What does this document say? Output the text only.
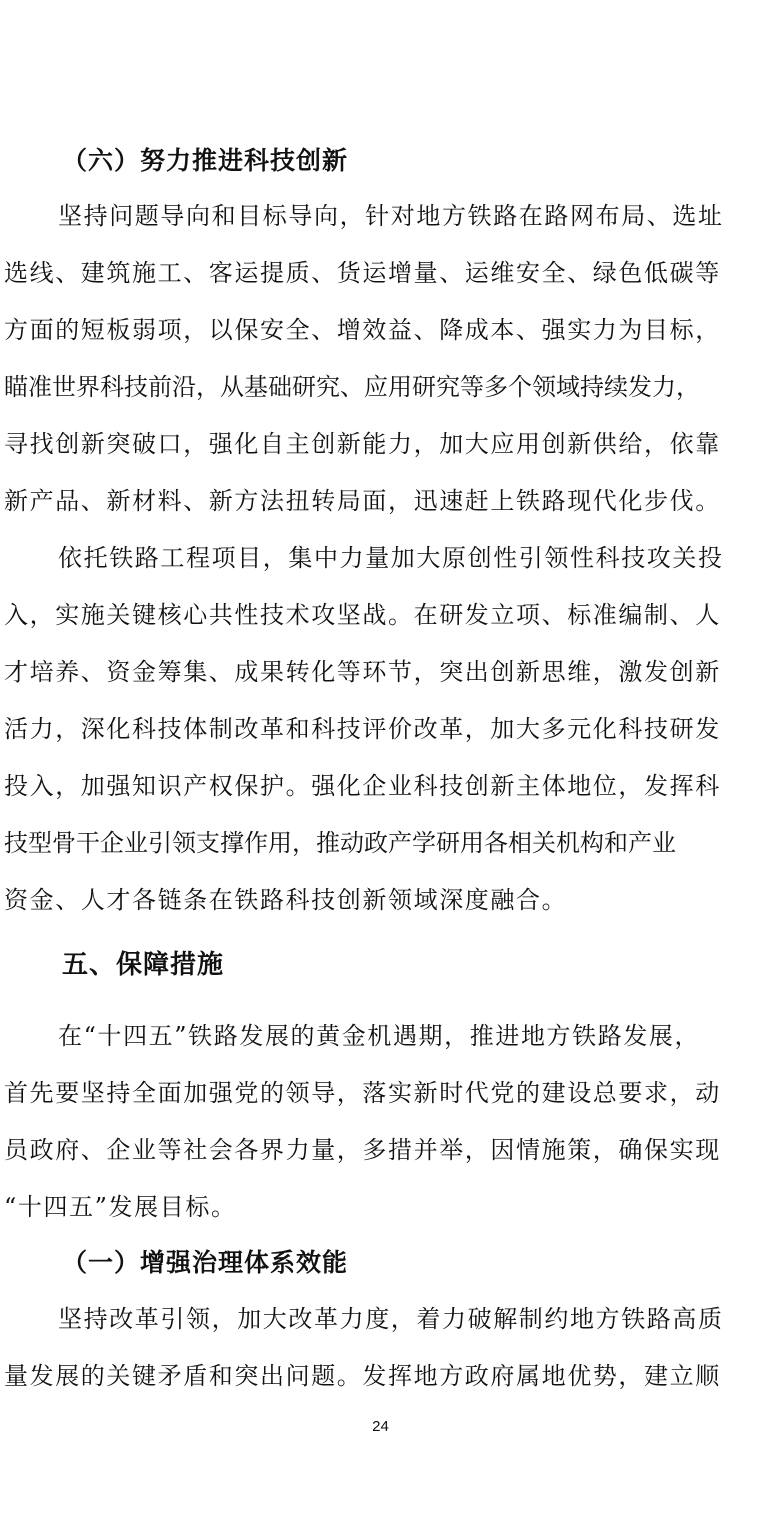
（六）努力推进科技创新
坚持问题导向和目标导向，针对地方铁路在路网布局、选址
选线、建筑施工、客运提质、货运增量、运维安全、绿色低碳等
方面的短板弱项，以保安全、增效益、降成本、强实力为目标，
瞄准世界科技前沿，从基础研究、应用研究等多个领域持续发力，
寻找创新突破口，强化自主创新能力，加大应用创新供给，依靠
新产品、新材料、新方法扭转局面，迅速赶上铁路现代化步伐。
依托铁路工程项目，集中力量加大原创性引领性科技攻关投
入，实施关键核心共性技术攻坚战。在研发立项、标准编制、人
才培养、资金筹集、成果转化等环节，突出创新思维，激发创新
活力，深化科技体制改革和科技评价改革，加大多元化科技研发
投入，加强知识产权保护。强化企业科技创新主体地位，发挥科
技型骨干企业引领支撑作用，推动政产学研用各相关机构和产业
资金、人才各链条在铁路科技创新领域深度融合。
五、保障措施
在“十四五”铁路发展的黄金机遇期，推进地方铁路发展，
首先要坚持全面加强党的领导，落实新时代党的建设总要求，动
员政府、企业等社会各界力量，多措并举，因情施策，确保实现
“十四五”发展目标。
（一）增强治理体系效能
坚持改革引领，加大改革力度，着力破解制约地方铁路高质
量发展的关键矛盾和突出问题。发挥地方政府属地优势，建立顺
24
